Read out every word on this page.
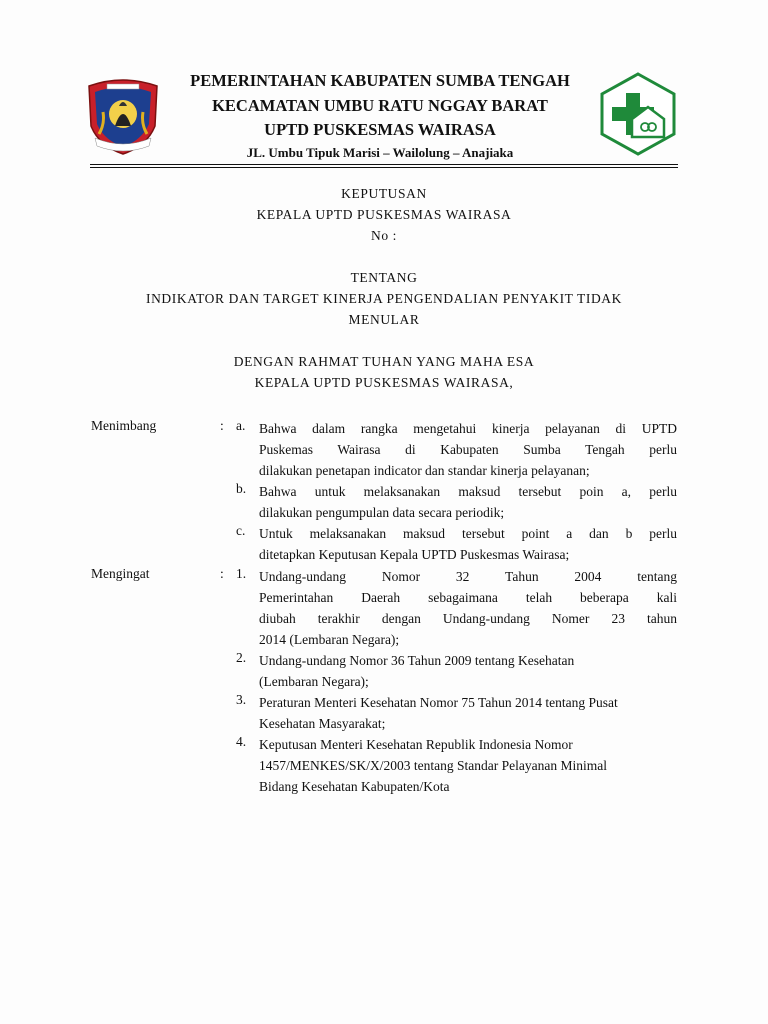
PEMERINTAHAN KABUPATEN SUMBA TENGAH
KECAMATAN UMBU RATU NGGAY BARAT
UPTD PUSKESMAS WAIRASA
JL. Umbu Tipuk Marisi – Wailolung – Anajiaka
KEPUTUSAN
KEPALA UPTD PUSKESMAS WAIRASA
No :
TENTANG
INDIKATOR DAN TARGET KINERJA PENGENDALIAN PENYAKIT TIDAK
MENULAR
DENGAN RAHMAT TUHAN YANG MAHA ESA
KEPALA UPTD PUSKESMAS WAIRASA,
Menimbang	: a. Bahwa dalam rangka mengetahui kinerja pelayanan di UPTD
Puskemas Wairasa di Kabupaten Sumba Tengah perlu
dilakukan penetapan indicator dan standar kinerja pelayanan;
b. Bahwa untuk melaksanakan maksud tersebut poin a, perlu
dilakukan pengumpulan data secara periodik;
c. Untuk melaksanakan maksud tersebut point a dan b perlu
ditetapkan Keputusan Kepala UPTD Puskesmas Wairasa;
Mengingat	: 1. Undang-undang Nomor 32 Tahun 2004 tentang
Pemerintahan Daerah sebagaimana telah beberapa kali
diubah terakhir dengan Undang-undang Nomer 23 tahun
2014 (Lembaran Negara);
2. Undang-undang Nomor 36 Tahun 2009 tentang Kesehatan
(Lembaran Negara);
3. Peraturan Menteri Kesehatan Nomor 75 Tahun 2014 tentang Pusat
Kesehatan Masyarakat;
4. Keputusan Menteri Kesehatan Republik Indonesia Nomor
1457/MENKES/SK/X/2003 tentang Standar Pelayanan Minimal
Bidang Kesehatan Kabupaten/Kota
